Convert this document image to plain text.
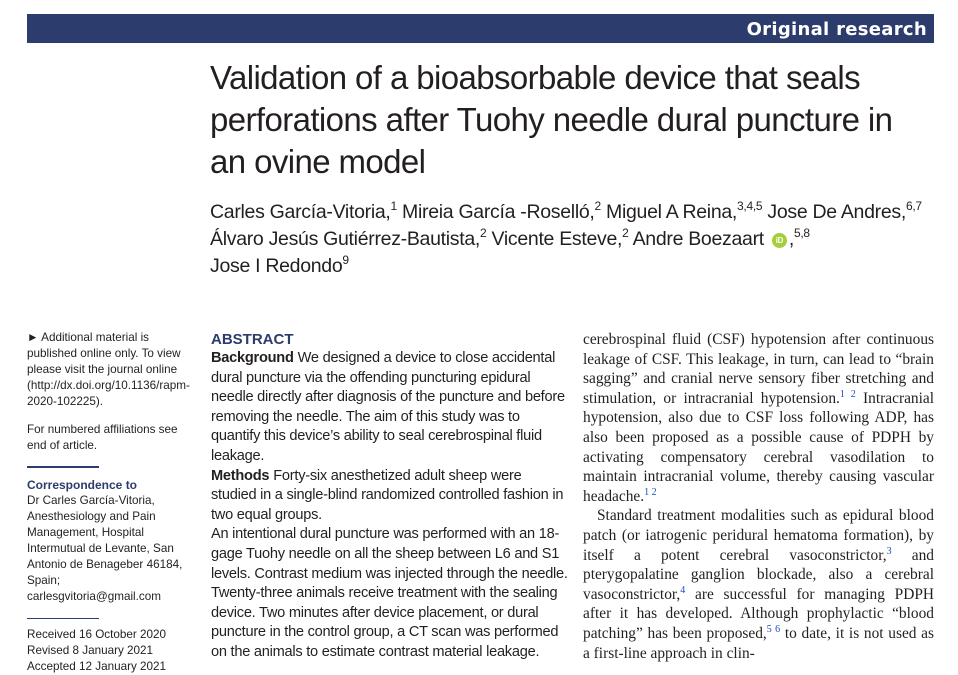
Original research
Validation of a bioabsorbable device that seals perforations after Tuohy needle dural puncture in an ovine model
Carles García-Vitoria,$^1$ Mireia García -Roselló,$^2$ Miguel A Reina,$^{3,4,5}$ Jose De Andres,$^{6,7}$
Álvaro Jesús Gutiérrez-Bautista,$^2$ Vicente Esteve,$^2$ Andre Boezaart iD ,$^{5,8}$
Jose I Redondo$^9$

► Additional material is published online only. To view please visit the journal online (http://dx.doi.org/10.1136/rapm-2020-102225).

For numbered affiliations see end of article.

Correspondence to

Dr Carles García-Vitoria, Anesthesiology and Pain Management, Hospital Intermutual de Levante, San Antonio de Benageber 46184, Spain; carlesgvitoria@gmail.com

Received 16 October 2020

Revised 8 January 2021

Accepted 12 January 2021

ABSTRACT

Background We designed a device to close accidental dural puncture via the offending puncturing epidural needle directly after diagnosis of the puncture and before removing the needle. The aim of this study was to quantify this device’s ability to seal cerebrospinal fluid leakage.

Methods Forty-six anesthetized adult sheep were studied in a single-blind randomized controlled fashion in two equal groups.

An intentional dural puncture was performed with an 18-gage Tuohy needle on all the sheep between L6 and S1 levels. Contrast medium was injected through the needle. Twenty-three animals receive treatment with the sealing device. Two minutes after device placement, or dural puncture in the control group, a CT scan was performed on the animals to estimate contrast material leakage.

cerebrospinal fluid (CSF) hypotension after continuous leakage of CSF. This leakage, in turn, can lead to “brain sagging” and cranial nerve sensory fiber stretching and stimulation, or intracranial hypotension.$^{1 2}$ Intracranial hypotension, also due to CSF loss following ADP, has also been proposed as a possible cause of PDPH by activating compensatory cerebral vasodilation to maintain intracranial volume, thereby causing vascular headache.$^{1 2}$

Standard treatment modalities such as epidural blood patch (or iatrogenic peridural hematoma formation), by itself a potent cerebral vasoconstrictor,$^3$ and pterygopalatine ganglion blockade, also a cerebral vasoconstrictor,$^4$ are successful for managing PDPH after it has developed. Although prophylactic “blood patching” has been proposed,$^{5 6}$ to date, it is not used as a first-line approach in clin-
